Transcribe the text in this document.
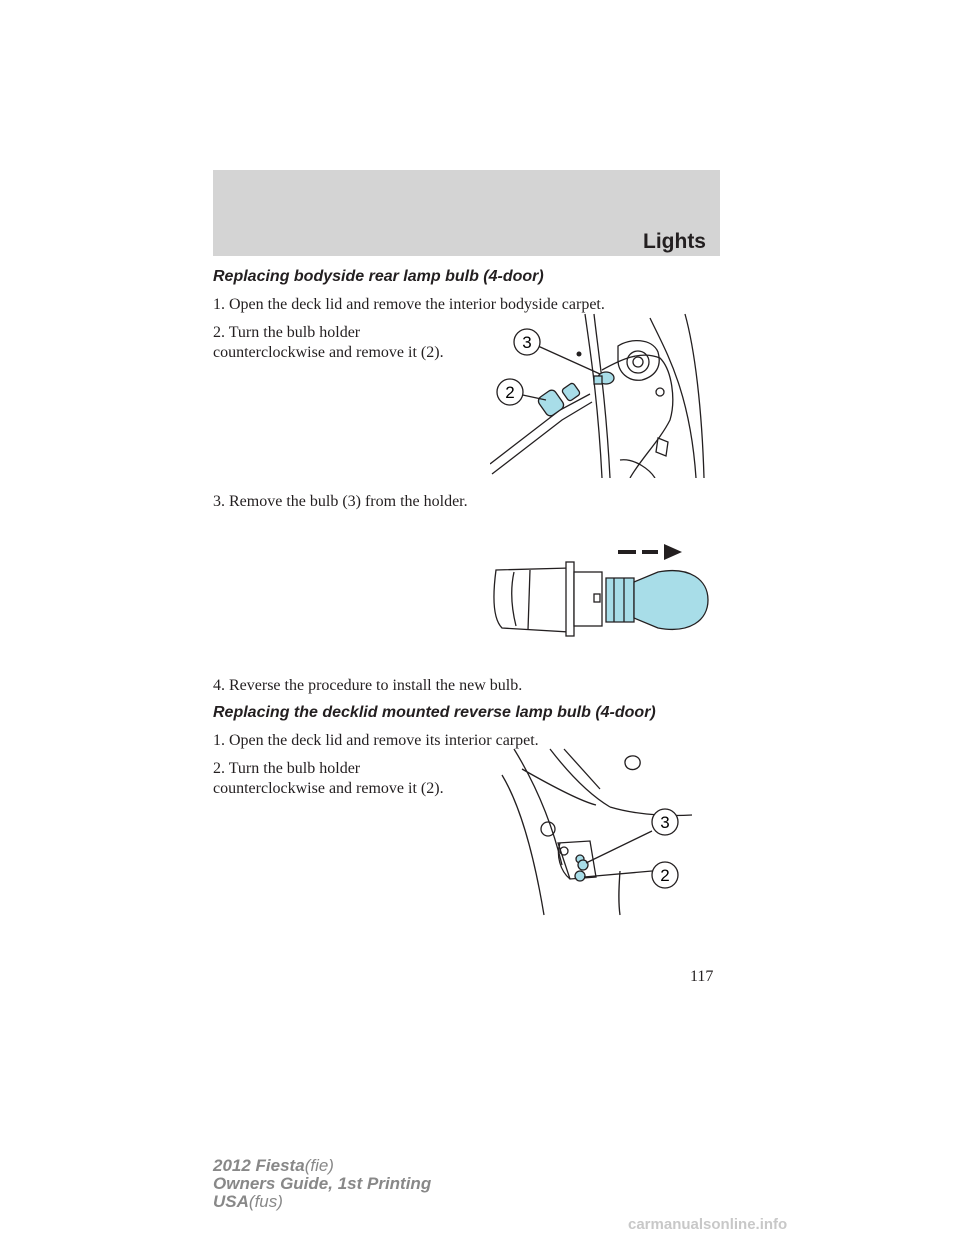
Lights
Replacing bodyside rear lamp bulb (4-door)

1. Open the deck lid and remove the interior bodyside carpet.

2. Turn the bulb holder counterclockwise and remove it (2).

3
2

3. Remove the bulb (3) from the holder.

4. Reverse the procedure to install the new bulb.

Replacing the decklid mounted reverse lamp bulb (4-door)

1. Open the deck lid and remove its interior carpet.

2. Turn the bulb holder counterclockwise and remove it (2).

3
2
117
2012 Fiesta(fie)
Owners Guide, 1st Printing
USA(fus)
carmanualsonline.info
